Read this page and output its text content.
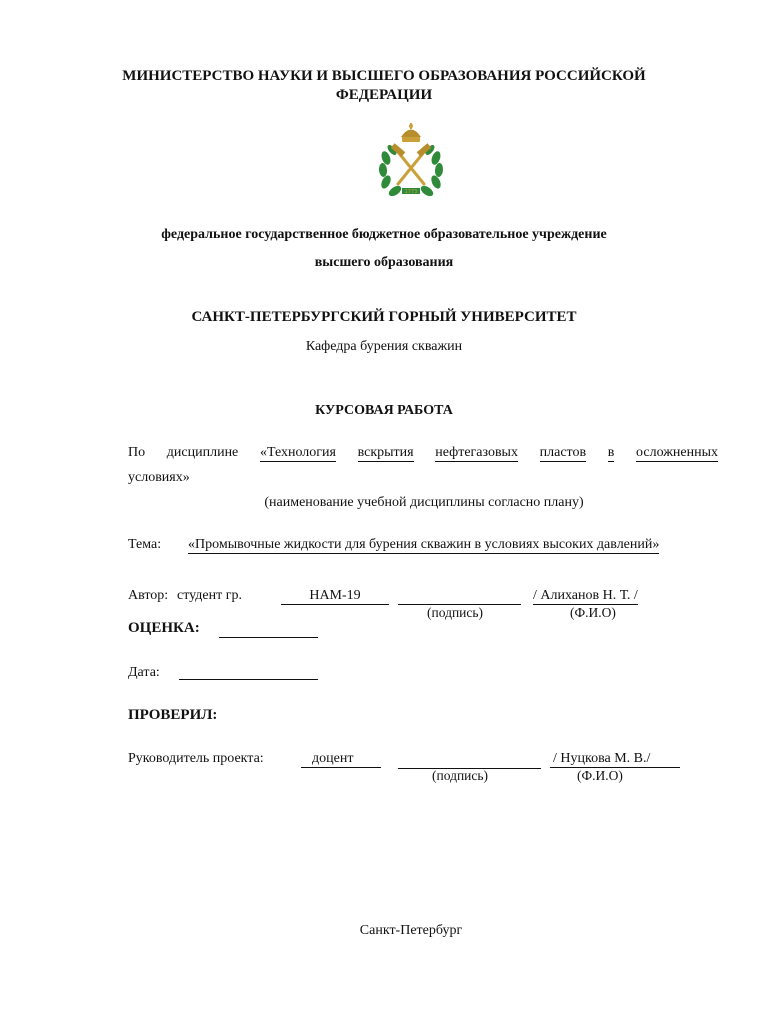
МИНИСТЕРСТВО НАУКИ И ВЫСШЕГО ОБРАЗОВАНИЯ РОССИЙСКОЙ
ФЕДЕРАЦИИ
1773
федеральное государственное бюджетное образовательное учреждение
высшего образования
САНКТ-ПЕТЕРБУРГСКИЙ ГОРНЫЙ УНИВЕРСИТЕТ
Кафедра бурения скважин
КУРСОВАЯ РАБОТА
По дисциплине «Технология вскрытия нефтегазовых пластов в осложненных
условиях»
(наименование учебной дисциплины согласно плану)
Тема: «Промывочные жидкости для бурения скважин в условиях высоких давлений»
Автор: студент гр.	НАМ-19	/ Алиханов Н. Т. /
(подпись)	(Ф.И.О)
ОЦЕНКА:
Дата:
ПРОВЕРИЛ:
Руководитель проекта:	доцент	/ Нуцкова М. В./
(подпись)	(Ф.И.О)
Санкт-Петербург
